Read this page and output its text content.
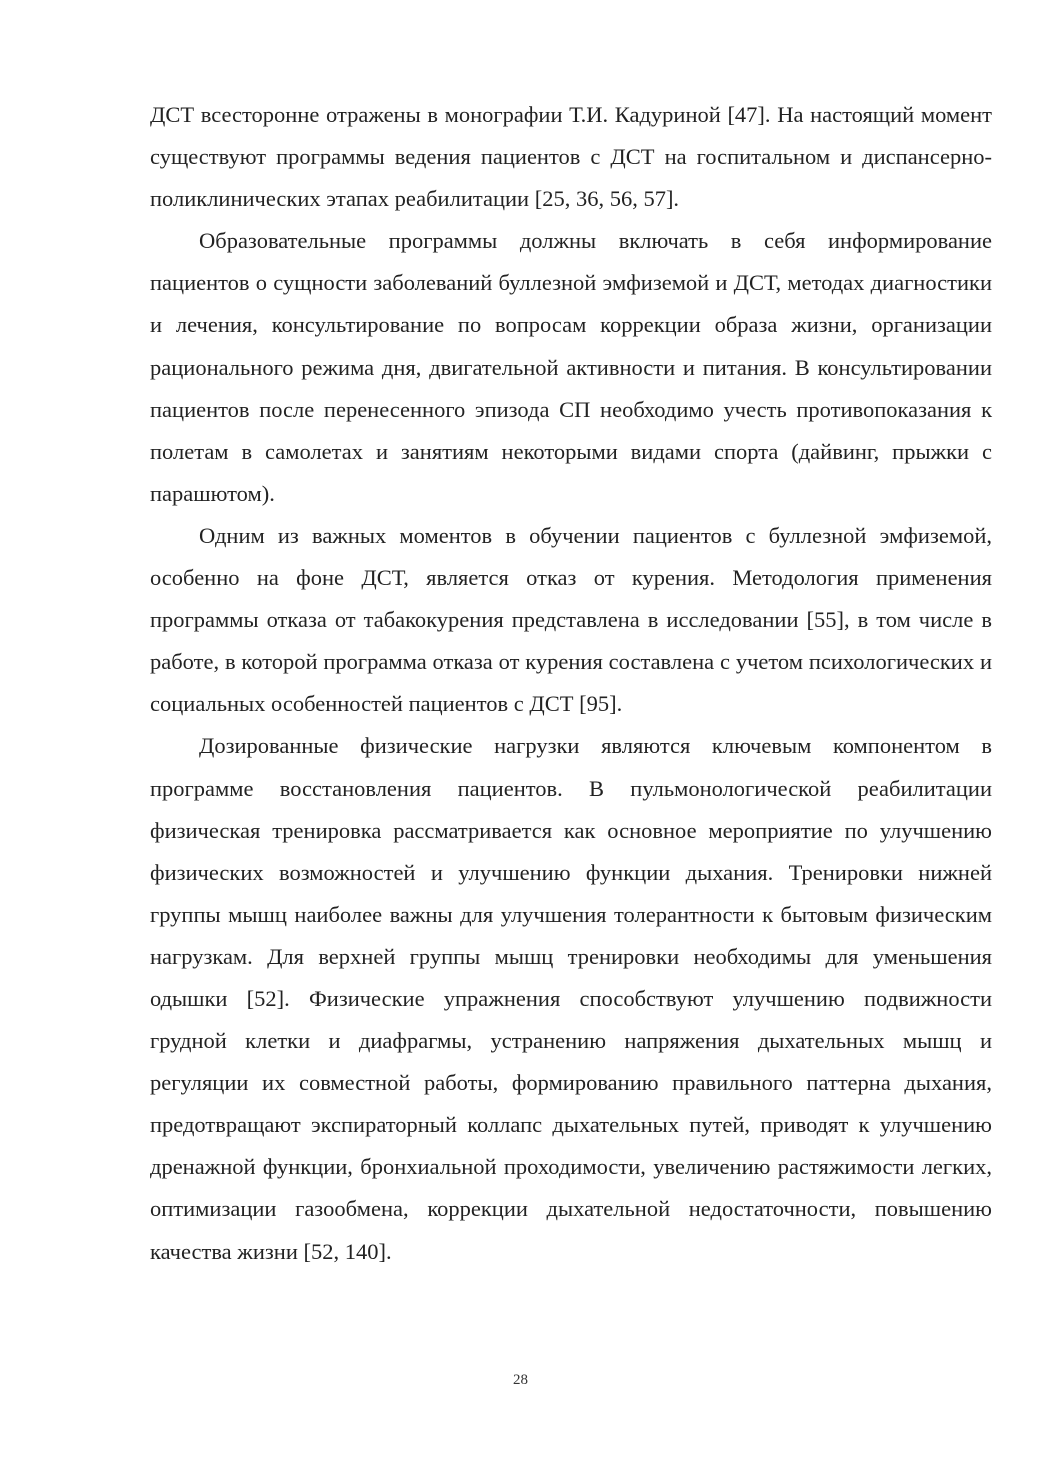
ДСТ всесторонне отражены в монографии Т.И. Кадуриной [47]. На настоящий момент существуют программы ведения пациентов с ДСТ на госпитальном и диспансерно-поликлинических этапах реабилитации [25, 36, 56, 57].

Образовательные программы должны включать в себя информирование пациентов о сущности заболеваний буллезной эмфиземой и ДСТ, методах диагностики и лечения, консультирование по вопросам коррекции образа жизни, организации рационального режима дня, двигательной активности и питания. В консультировании пациентов после перенесенного эпизода СП необходимо учесть противопоказания к полетам в самолетах и занятиям некоторыми видами спорта (дайвинг, прыжки с парашютом).

Одним из важных моментов в обучении пациентов с буллезной эмфиземой, особенно на фоне ДСТ, является отказ от курения. Методология применения программы отказа от табакокурения представлена в исследовании [55], в том числе в работе, в которой программа отказа от курения составлена с учетом психологических и социальных особенностей пациентов с ДСТ [95].

Дозированные физические нагрузки являются ключевым компонентом в программе восстановления пациентов. В пульмонологической реабилитации физическая тренировка рассматривается как основное мероприятие по улучшению физических возможностей и улучшению функции дыхания. Тренировки нижней группы мышц наиболее важны для улучшения толерантности к бытовым физическим нагрузкам. Для верхней группы мышц тренировки необходимы для уменьшения одышки [52]. Физические упражнения способствуют улучшению подвижности грудной клетки и диафрагмы, устранению напряжения дыхательных мышц и регуляции их совместной работы, формированию правильного паттерна дыхания, предотвращают экспираторный коллапс дыхательных путей, приводят к улучшению дренажной функции, бронхиальной проходимости, увеличению растяжимости легких, оптимизации газообмена, коррекции дыхательной недостаточности, повышению качества жизни [52, 140].

28
